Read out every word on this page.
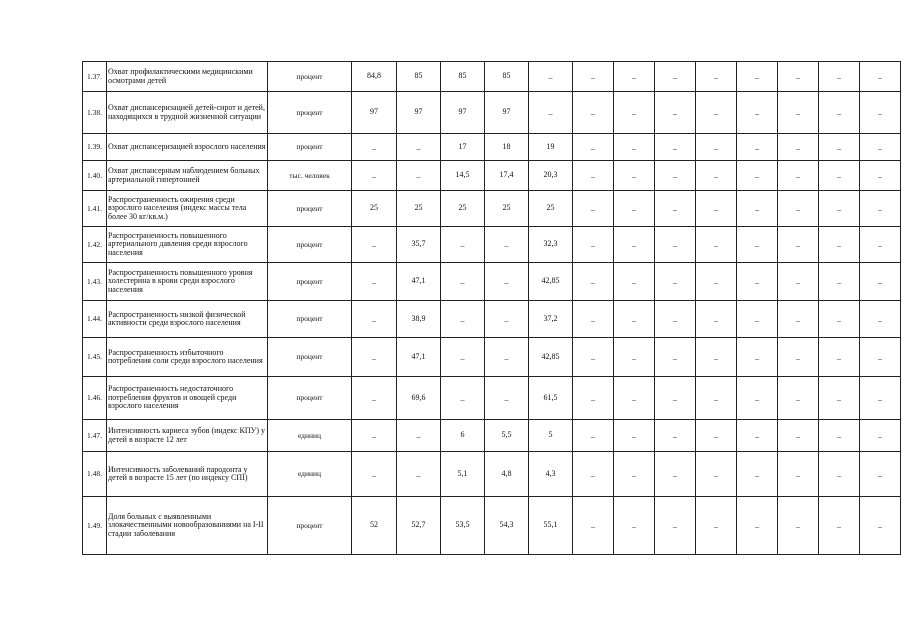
1.37.	Охват профилактическими медицинскими осмотрами детей	процент	84,8	85	85	85	_	_	_	_	_	_	_	_	_
1.38.	Охват диспансеризацией детей-сирот и детей, находящихся в трудной жизненной ситуации	процент	97	97	97	97	_	_	_	_	_	_	_	_	_
1.39.	Охват диспансеризацией взрослого населения	процент	_	_	17	18	19	_	_	_	_	_	_	_	_
1.40.	Охват диспансерным наблюдением больных артериальной гипертонией	тыс. человек	_	_	14,5	17,4	20,3	_	_	_	_	_	_	_	_
1.41.	Распространенность ожирения среди взрослого населения (индекс массы тела более 30 кг/кв.м.)	процент	25	25	25	25	25	_	_	_	_	_	_	_	_
1.42.	Распространенность повышенного артериального давления среди взрослого населения	процент	_	35,7	_	_	32,3	_	_	_	_	_	_	_	_
1.43.	Распространенность повышенного уровня холестерина в крови среди взрослого населения	процент	_	47,1	_	_	42,85	_	_	_	_	_	_	_	_
1.44.	Распространенность низкой физической активности среди взрослого населения	процент	_	38,9	_	_	37,2	_	_	_	_	_	_	_	_
1.45.	Распространенность избыточного потребления соли среди взрослого населения	процент	_	47,1	_	_	42,85	_	_	_	_	_	_	_	_
1.46.	Распространенность недостаточного потребления фруктов и овощей среди взрослого населения	процент	_	69,6	_	_	61,5	_	_	_	_	_	_	_	_
1.47.	Интенсивность кариеса зубов (индекс КПУ) у детей в возрасте 12 лет	единиц	_	_	6	5,5	5	_	_	_	_	_	_	_	_
1.48.	Интенсивность заболеваний пародонта у детей в возрасте 15 лет (по индексу CПI)	единиц	_	_	5,1	4,8	4,3	_	_	_	_	_	_	_	_
1.49.	Доля больных с выявленными злокачественными новообразованиями на I-II стадии заболевания	процент	52	52,7	53,5	54,3	55,1	_	_	_	_	_	_	_	_
